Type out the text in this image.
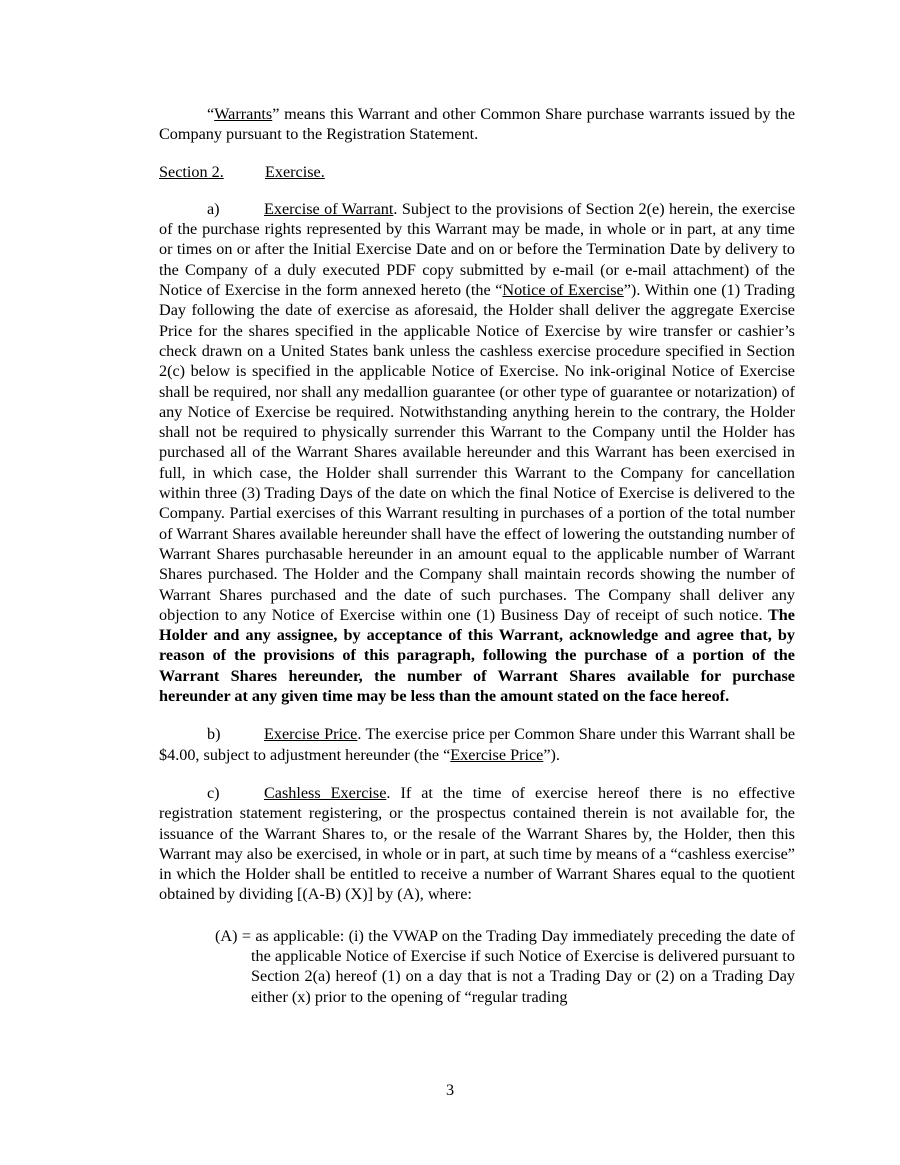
“Warrants” means this Warrant and other Common Share purchase warrants issued by the Company pursuant to the Registration Statement.

Section 2.	Exercise.

a)	Exercise of Warrant. Subject to the provisions of Section 2(e) herein, the exercise of the purchase rights represented by this Warrant may be made, in whole or in part, at any time or times on or after the Initial Exercise Date and on or before the Termination Date by delivery to the Company of a duly executed PDF copy submitted by e-mail (or e-mail attachment) of the Notice of Exercise in the form annexed hereto (the “Notice of Exercise”). Within one (1) Trading Day following the date of exercise as aforesaid, the Holder shall deliver the aggregate Exercise Price for the shares specified in the applicable Notice of Exercise by wire transfer or cashier’s check drawn on a United States bank unless the cashless exercise procedure specified in Section 2(c) below is specified in the applicable Notice of Exercise. No ink-original Notice of Exercise shall be required, nor shall any medallion guarantee (or other type of guarantee or notarization) of any Notice of Exercise be required. Notwithstanding anything herein to the contrary, the Holder shall not be required to physically surrender this Warrant to the Company until the Holder has purchased all of the Warrant Shares available hereunder and this Warrant has been exercised in full, in which case, the Holder shall surrender this Warrant to the Company for cancellation within three (3) Trading Days of the date on which the final Notice of Exercise is delivered to the Company. Partial exercises of this Warrant resulting in purchases of a portion of the total number of Warrant Shares available hereunder shall have the effect of lowering the outstanding number of Warrant Shares purchasable hereunder in an amount equal to the applicable number of Warrant Shares purchased. The Holder and the Company shall maintain records showing the number of Warrant Shares purchased and the date of such purchases. The Company shall deliver any objection to any Notice of Exercise within one (1) Business Day of receipt of such notice. The Holder and any assignee, by acceptance of this Warrant, acknowledge and agree that, by reason of the provisions of this paragraph, following the purchase of a portion of the Warrant Shares hereunder, the number of Warrant Shares available for purchase hereunder at any given time may be less than the amount stated on the face hereof.

b)	Exercise Price. The exercise price per Common Share under this Warrant shall be $4.00, subject to adjustment hereunder (the “Exercise Price”).

c)	Cashless Exercise. If at the time of exercise hereof there is no effective registration statement registering, or the prospectus contained therein is not available for, the issuance of the Warrant Shares to, or the resale of the Warrant Shares by, the Holder, then this Warrant may also be exercised, in whole or in part, at such time by means of a “cashless exercise” in which the Holder shall be entitled to receive a number of Warrant Shares equal to the quotient obtained by dividing [(A-B) (X)] by (A), where:

(A) = as applicable: (i) the VWAP on the Trading Day immediately preceding the date of the applicable Notice of Exercise if such Notice of Exercise is delivered pursuant to Section 2(a) hereof (1) on a day that is not a Trading Day or (2) on a Trading Day either (x) prior to the opening of “regular trading

3
